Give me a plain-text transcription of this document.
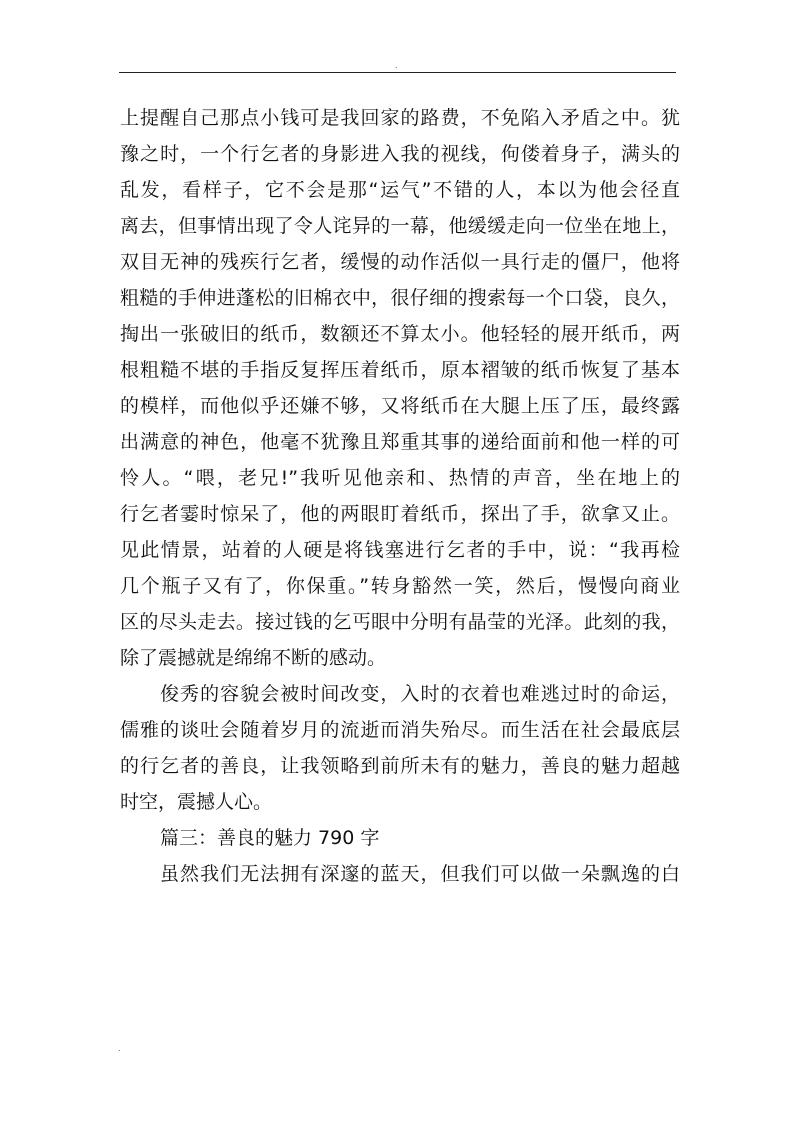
.
上提醒自己那点小钱可是我回家的路费，不免陷入矛盾之中。犹
豫之时，一个行乞者的身影进入我的视线，佝偻着身子，满头的
乱发，看样子，它不会是那“运气”不错的人，本以为他会径直
离去，但事情出现了令人诧异的一幕，他缓缓走向一位坐在地上，
双目无神的残疾行乞者，缓慢的动作活似一具行走的僵尸，他将
粗糙的手伸进蓬松的旧棉衣中，很仔细的搜索每一个口袋，良久，
掏出一张破旧的纸币，数额还不算太小。他轻轻的展开纸币，两
根粗糙不堪的手指反复挥压着纸币，原本褶皱的纸币恢复了基本
的模样，而他似乎还嫌不够，又将纸币在大腿上压了压，最终露
出满意的神色，他毫不犹豫且郑重其事的递给面前和他一样的可
怜人。“喂，老兄!”我听见他亲和、热情的声音，坐在地上的
行乞者霎时惊呆了，他的两眼盯着纸币，探出了手，欲拿又止。
见此情景，站着的人硬是将钱塞进行乞者的手中，说：“我再检
几个瓶子又有了，你保重。”转身豁然一笑，然后，慢慢向商业
区的尽头走去。接过钱的乞丐眼中分明有晶莹的光泽。此刻的我，
除了震撼就是绵绵不断的感动。
俊秀的容貌会被时间改变，入时的衣着也难逃过时的命运，
儒雅的谈吐会随着岁月的流逝而消失殆尽。而生活在社会最底层
的行乞者的善良，让我领略到前所未有的魅力，善良的魅力超越
时空，震撼人心。
篇三：善良的魅力 790 字
虽然我们无法拥有深邃的蓝天，但我们可以做一朵飘逸的白
.
